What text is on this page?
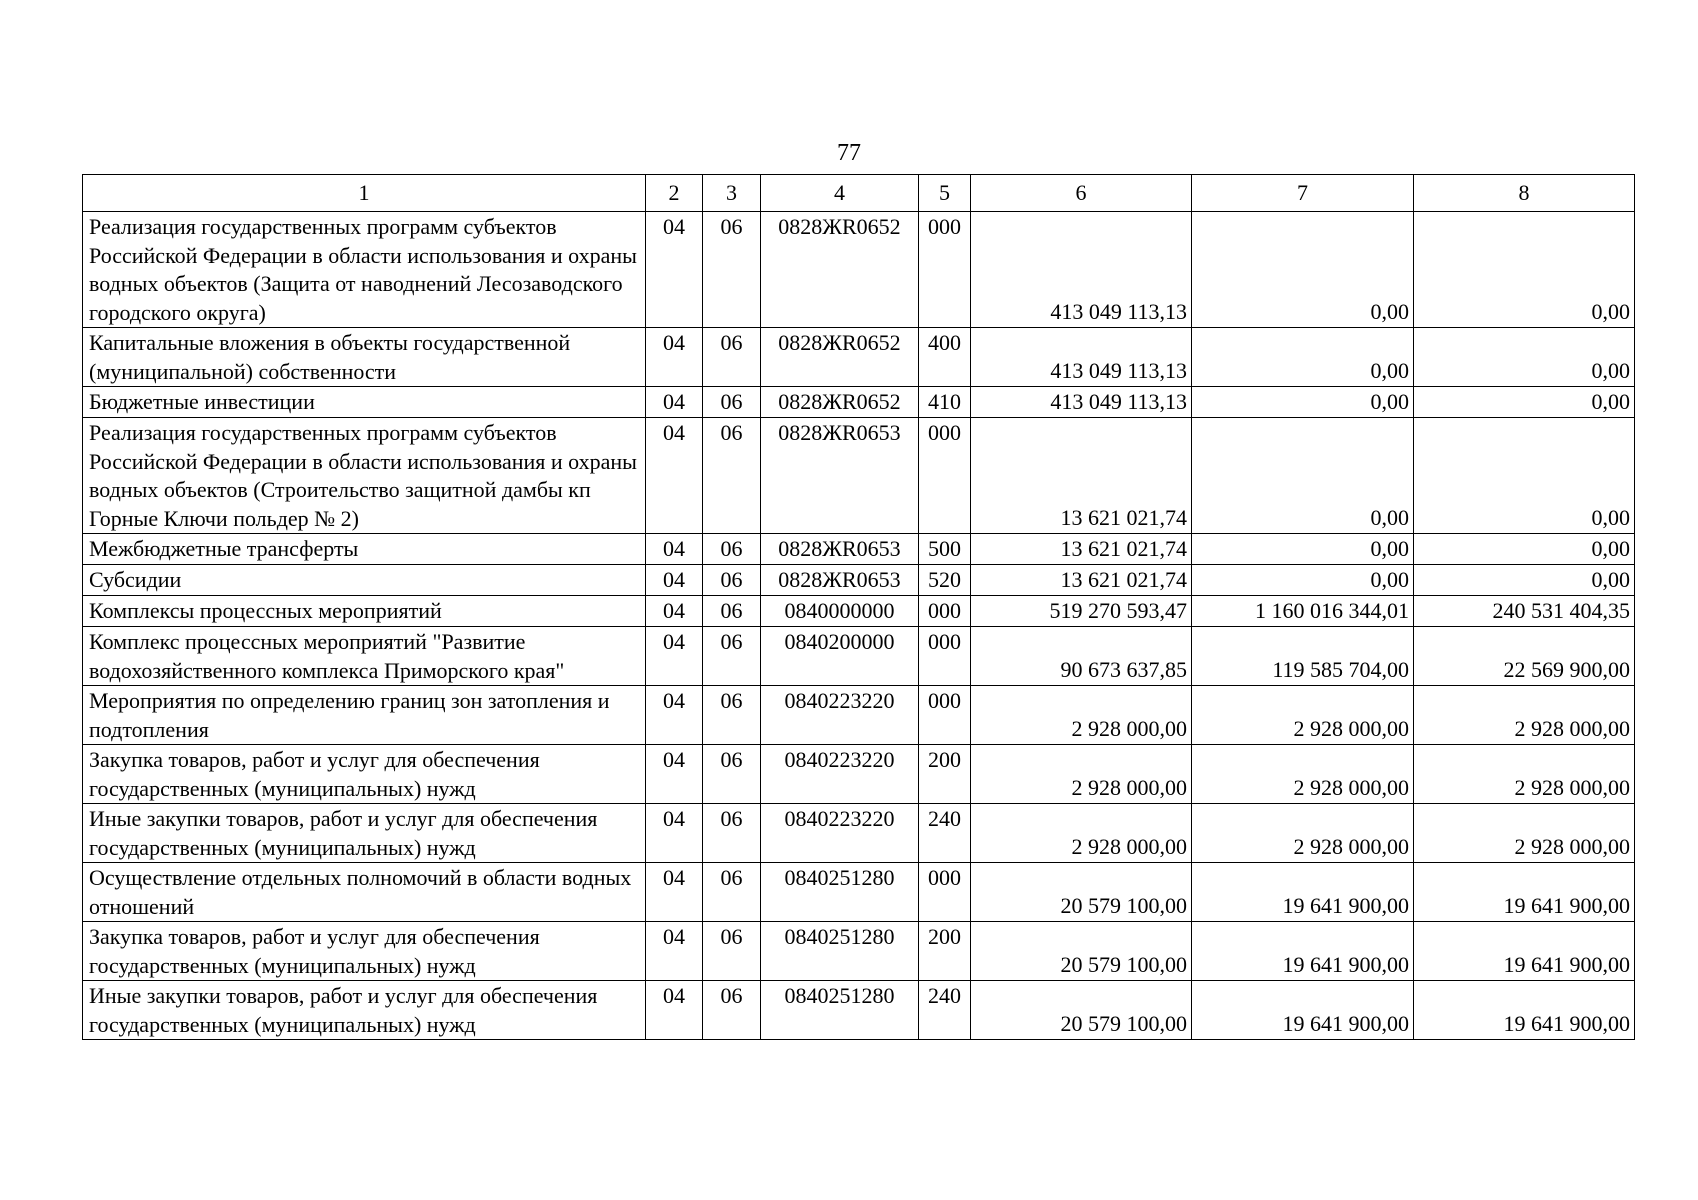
77
1	2	3	4	5	6	7	8
Реализация государственных программ субъектов Российской Федерации в области использования и охраны водных объектов (Защита от наводнений Лесозаводского городского округа)	04	06	0828ЖR0652	000	413 049 113,13	0,00	0,00
Капитальные вложения в объекты государственной (муниципальной) собственности	04	06	0828ЖR0652	400	413 049 113,13	0,00	0,00
Бюджетные инвестиции	04	06	0828ЖR0652	410	413 049 113,13	0,00	0,00
Реализация государственных программ субъектов Российской Федерации в области использования и охраны водных объектов (Строительство защитной дамбы кп Горные Ключи польдер № 2)	04	06	0828ЖR0653	000	13 621 021,74	0,00	0,00
Межбюджетные трансферты	04	06	0828ЖR0653	500	13 621 021,74	0,00	0,00
Субсидии	04	06	0828ЖR0653	520	13 621 021,74	0,00	0,00
Комплексы процессных мероприятий	04	06	0840000000	000	519 270 593,47	1 160 016 344,01	240 531 404,35
Комплекс процессных мероприятий "Развитие водохозяйственного комплекса Приморского края"	04	06	0840200000	000	90 673 637,85	119 585 704,00	22 569 900,00
Мероприятия по определению границ зон затопления и подтопления	04	06	0840223220	000	2 928 000,00	2 928 000,00	2 928 000,00
Закупка товаров, работ и услуг для обеспечения государственных (муниципальных) нужд	04	06	0840223220	200	2 928 000,00	2 928 000,00	2 928 000,00
Иные закупки товаров, работ и услуг для обеспечения государственных (муниципальных) нужд	04	06	0840223220	240	2 928 000,00	2 928 000,00	2 928 000,00
Осуществление отдельных полномочий в области водных отношений	04	06	0840251280	000	20 579 100,00	19 641 900,00	19 641 900,00
Закупка товаров, работ и услуг для обеспечения государственных (муниципальных) нужд	04	06	0840251280	200	20 579 100,00	19 641 900,00	19 641 900,00
Иные закупки товаров, работ и услуг для обеспечения государственных (муниципальных) нужд	04	06	0840251280	240	20 579 100,00	19 641 900,00	19 641 900,00
